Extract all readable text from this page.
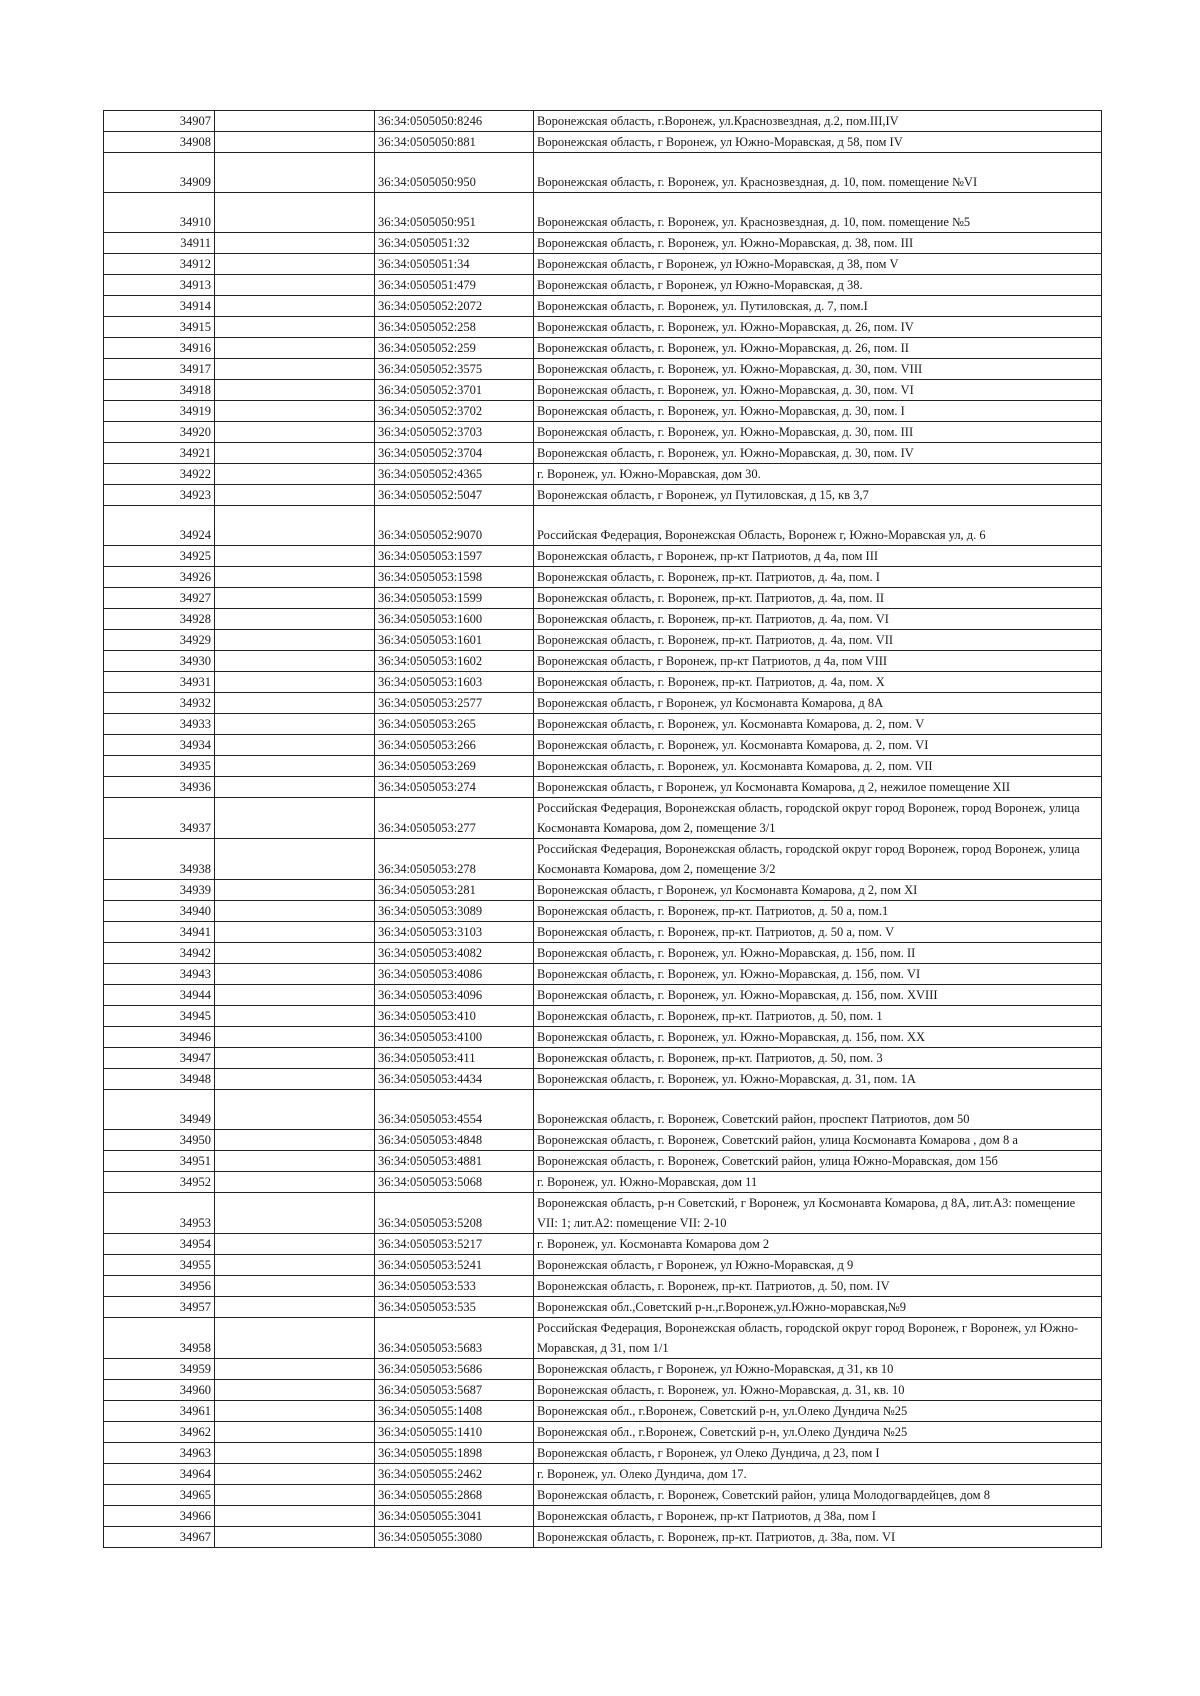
34907		36:34:0505050:8246	Воронежская область, г.Воронеж, ул.Краснозвездная, д.2, пом.III,IV
34908		36:34:0505050:881	Воронежская область, г Воронеж, ул Южно-Моравская, д 58, пом IV
34909		36:34:0505050:950	Воронежская область, г. Воронеж, ул. Краснозвездная, д. 10, пом. помещение №VI
34910		36:34:0505050:951	Воронежская область, г. Воронеж, ул. Краснозвездная, д. 10, пом. помещение №5
34911		36:34:0505051:32	Воронежская область, г. Воронеж, ул. Южно-Моравская, д. 38, пом. III
34912		36:34:0505051:34	Воронежская область, г Воронеж, ул Южно-Моравская, д 38, пом V
34913		36:34:0505051:479	Воронежская область, г Воронеж, ул Южно-Моравская, д 38.
34914		36:34:0505052:2072	Воронежская область, г. Воронеж, ул. Путиловская, д. 7, пом.I
34915		36:34:0505052:258	Воронежская область, г. Воронеж, ул. Южно-Моравская, д. 26, пом. IV
34916		36:34:0505052:259	Воронежская область, г. Воронеж, ул. Южно-Моравская, д. 26, пом. II
34917		36:34:0505052:3575	Воронежская область, г. Воронеж, ул. Южно-Моравская, д. 30, пом. VIII
34918		36:34:0505052:3701	Воронежская область, г. Воронеж, ул. Южно-Моравская, д. 30, пом. VI
34919		36:34:0505052:3702	Воронежская область, г. Воронеж, ул. Южно-Моравская, д. 30, пом. I
34920		36:34:0505052:3703	Воронежская область, г. Воронеж, ул. Южно-Моравская, д. 30, пом. III
34921		36:34:0505052:3704	Воронежская область, г. Воронеж, ул. Южно-Моравская, д. 30, пом. IV
34922		36:34:0505052:4365	г. Воронеж, ул. Южно-Моравская, дом 30.
34923		36:34:0505052:5047	Воронежская область, г Воронеж, ул Путиловская, д 15, кв 3,7
34924		36:34:0505052:9070	Российская Федерация, Воронежская Область, Воронеж г, Южно-Моравская ул, д. 6
34925		36:34:0505053:1597	Воронежская область, г Воронеж, пр-кт Патриотов, д 4а, пом III
34926		36:34:0505053:1598	Воронежская область, г. Воронеж, пр-кт. Патриотов, д. 4а, пом. I
34927		36:34:0505053:1599	Воронежская область, г. Воронеж, пр-кт. Патриотов, д. 4а, пом. II
34928		36:34:0505053:1600	Воронежская область, г. Воронеж, пр-кт. Патриотов, д. 4а, пом. VI
34929		36:34:0505053:1601	Воронежская область, г. Воронеж, пр-кт. Патриотов, д. 4а, пом. VII
34930		36:34:0505053:1602	Воронежская область, г Воронеж, пр-кт Патриотов, д 4а, пом VIII
34931		36:34:0505053:1603	Воронежская область, г. Воронеж, пр-кт. Патриотов, д. 4а, пом. X
34932		36:34:0505053:2577	Воронежская область, г Воронеж, ул Космонавта Комарова, д 8А
34933		36:34:0505053:265	Воронежская область, г. Воронеж, ул. Космонавта Комарова, д. 2, пом. V
34934		36:34:0505053:266	Воронежская область, г. Воронеж, ул. Космонавта Комарова, д. 2, пом. VI
34935		36:34:0505053:269	Воронежская область, г. Воронеж, ул. Космонавта Комарова, д. 2, пом. VII
34936		36:34:0505053:274	Воронежская область, г Воронеж, ул Космонавта Комарова, д 2, нежилое помещение XII
34937		36:34:0505053:277	Российская Федерация, Воронежская область, городской округ город Воронеж, город Воронеж, улица Космонавта Комарова, дом 2, помещение 3/1
34938		36:34:0505053:278	Российская Федерация, Воронежская область, городской округ город Воронеж, город Воронеж, улица Космонавта Комарова, дом 2, помещение 3/2
34939		36:34:0505053:281	Воронежская область, г Воронеж, ул Космонавта Комарова, д 2, пом XI
34940		36:34:0505053:3089	Воронежская область, г. Воронеж, пр-кт. Патриотов, д. 50 а, пом.1
34941		36:34:0505053:3103	Воронежская область, г. Воронеж, пр-кт. Патриотов, д. 50 а, пом. V
34942		36:34:0505053:4082	Воронежская область, г. Воронеж, ул. Южно-Моравская, д. 15б, пом. II
34943		36:34:0505053:4086	Воронежская область, г. Воронеж, ул. Южно-Моравская, д. 15б, пом. VI
34944		36:34:0505053:4096	Воронежская область, г. Воронеж, ул. Южно-Моравская, д. 15б, пом. XVIII
34945		36:34:0505053:410	Воронежская область, г. Воронеж, пр-кт. Патриотов, д. 50, пом. 1
34946		36:34:0505053:4100	Воронежская область, г. Воронеж, ул. Южно-Моравская, д. 15б, пом. XX
34947		36:34:0505053:411	Воронежская область, г. Воронеж, пр-кт. Патриотов, д. 50, пом. 3
34948		36:34:0505053:4434	Воронежская область, г. Воронеж, ул. Южно-Моравская, д. 31, пом. 1А
34949		36:34:0505053:4554	Воронежская область, г. Воронеж, Советский район, проспект Патриотов, дом 50
34950		36:34:0505053:4848	Воронежская область, г. Воронеж, Советский район, улица Космонавта Комарова , дом 8 а
34951		36:34:0505053:4881	Воронежская область, г. Воронеж, Советский район, улица Южно-Моравская, дом 15б
34952		36:34:0505053:5068	г. Воронеж, ул. Южно-Моравская, дом 11
34953		36:34:0505053:5208	Воронежская область, р-н Советский, г Воронеж, ул Космонавта Комарова, д 8А, лит.А3: помещение VII: 1; лит.А2: помещение VII: 2-10
34954		36:34:0505053:5217	г. Воронеж, ул. Космонавта Комарова дом 2
34955		36:34:0505053:5241	Воронежская область, г Воронеж, ул Южно-Моравская, д 9
34956		36:34:0505053:533	Воронежская область, г. Воронеж, пр-кт. Патриотов, д. 50, пом. IV
34957		36:34:0505053:535	Воронежская обл.,Советский р-н.,г.Воронеж,ул.Южно-моравская,№9
34958		36:34:0505053:5683	Российская Федерация, Воронежская область, городской округ город Воронеж, г Воронеж, ул Южно-Моравская, д 31, пом 1/1
34959		36:34:0505053:5686	Воронежская область, г Воронеж, ул Южно-Моравская, д 31, кв 10
34960		36:34:0505053:5687	Воронежская область, г. Воронеж, ул. Южно-Моравская, д. 31, кв. 10
34961		36:34:0505055:1408	Воронежская обл., г.Воронеж, Советский р-н, ул.Олеко Дундича №25
34962		36:34:0505055:1410	Воронежская обл., г.Воронеж, Советский р-н, ул.Олеко Дундича №25
34963		36:34:0505055:1898	Воронежская область, г Воронеж, ул Олеко Дундича, д 23, пом I
34964		36:34:0505055:2462	г. Воронеж, ул. Олеко Дундича, дом 17.
34965		36:34:0505055:2868	Воронежская область, г. Воронеж, Советский район, улица Молодогвардейцев, дом 8
34966		36:34:0505055:3041	Воронежская область, г Воронеж, пр-кт Патриотов, д 38а, пом I
34967		36:34:0505055:3080	Воронежская область, г. Воронеж, пр-кт. Патриотов, д. 38а, пом. VI
